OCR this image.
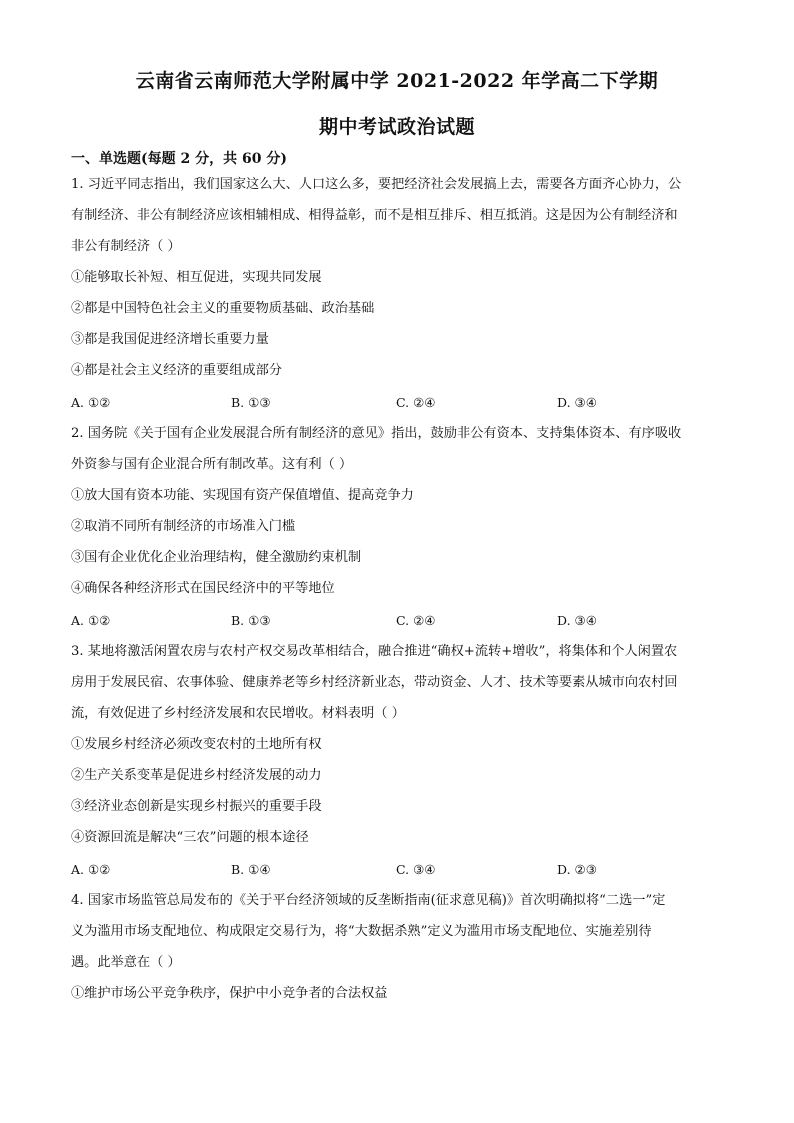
云南省云南师范大学附属中学 2021-2022 年学高二下学期
期中考试政治试题
一、单选题(每题 2 分，共 60 分)
1. 习近平同志指出，我们国家这么大、人口这么多，要把经济社会发展搞上去，需要各方面齐心协力，公
有制经济、非公有制经济应该相辅相成、相得益彰，而不是相互排斥、相互抵消。这是因为公有制经济和
非公有制经济（ ）
①能够取长补短、相互促进，实现共同发展
②都是中国特色社会主义的重要物质基础、政治基础
③都是我国促进经济增长重要力量
④都是社会主义经济的重要组成部分
A. ①②	B. ①③	C. ②④	D. ③④
2. 国务院《关于国有企业发展混合所有制经济的意见》指出，鼓励非公有资本、支持集体资本、有序吸收
外资参与国有企业混合所有制改革。这有利（ ）
①放大国有资本功能、实现国有资产保值增值、提高竞争力
②取消不同所有制经济的市场准入门槛
③国有企业优化企业治理结构，健全激励约束机制
④确保各种经济形式在国民经济中的平等地位
A. ①②	B. ①③	C. ②④	D. ③④
3. 某地将激活闲置农房与农村产权交易改革相结合，融合推进“确权+流转+增收”，将集体和个人闲置农
房用于发展民宿、农事体验、健康养老等乡村经济新业态，带动资金、人才、技术等要素从城市向农村回
流，有效促进了乡村经济发展和农民增收。材料表明（ ）
①发展乡村经济必须改变农村的土地所有权
②生产关系变革是促进乡村经济发展的动力
③经济业态创新是实现乡村振兴的重要手段
④资源回流是解决“三农”问题的根本途径
A. ①②	B. ①④	C. ③④	D. ②③
4. 国家市场监管总局发布的《关于平台经济领域的反垄断指南(征求意见稿)》首次明确拟将“二选一”定
义为滥用市场支配地位、构成限定交易行为，将“大数据杀熟”定义为滥用市场支配地位、实施差别待
遇。此举意在（ ）
①维护市场公平竞争秩序，保护中小竞争者的合法权益
